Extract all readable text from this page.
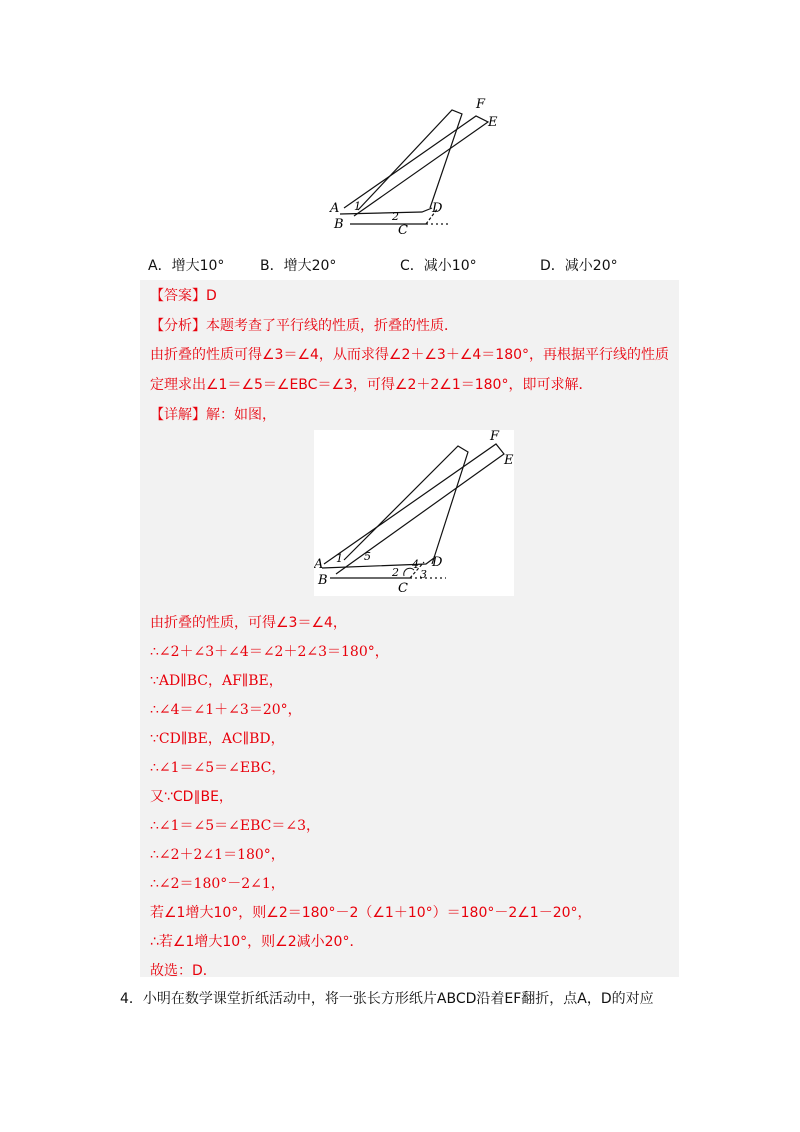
A
B	C
D
E
F
1
2
A．增大10°	B．增大20°	C．减小10°	D．减小20°
【答案】D
【分析】本题考查了平行线的性质，折叠的性质．
由折叠的性质可得∠3＝∠4，从而求得∠2＋∠3＋∠4＝180°，再根据平行线的性质
定理求出∠1＝∠5＝∠EBC＝∠3，可得∠2＋2∠1＝180°，即可求解．
【详解】解：如图，
A
B
C
D
E
F
1 5
2
4
3
由折叠的性质，可得∠3＝∠4，
∴∠2＋∠3＋∠4＝∠2＋2∠3＝180°，
∵AD∥BC，AF∥BE，
∴∠4＝∠1＋∠3＝20°，
∵CD∥BE，AC∥BD，
∴∠1＝∠5＝∠EBC，
又∵CD∥BE，
∴∠1＝∠5＝∠EBC＝∠3，
∴∠2＋2∠1＝180°，
∴∠2＝180°－2∠1，
若∠1增大10°，则∠2＝180°－2（∠1＋10°）＝180°－2∠1－20°，
∴若∠1增大10°，则∠2减小20°．
故选：D．
4．小明在数学课堂折纸活动中，将一张长方形纸片ABCD沿着EF翻折，点A，D的对应
